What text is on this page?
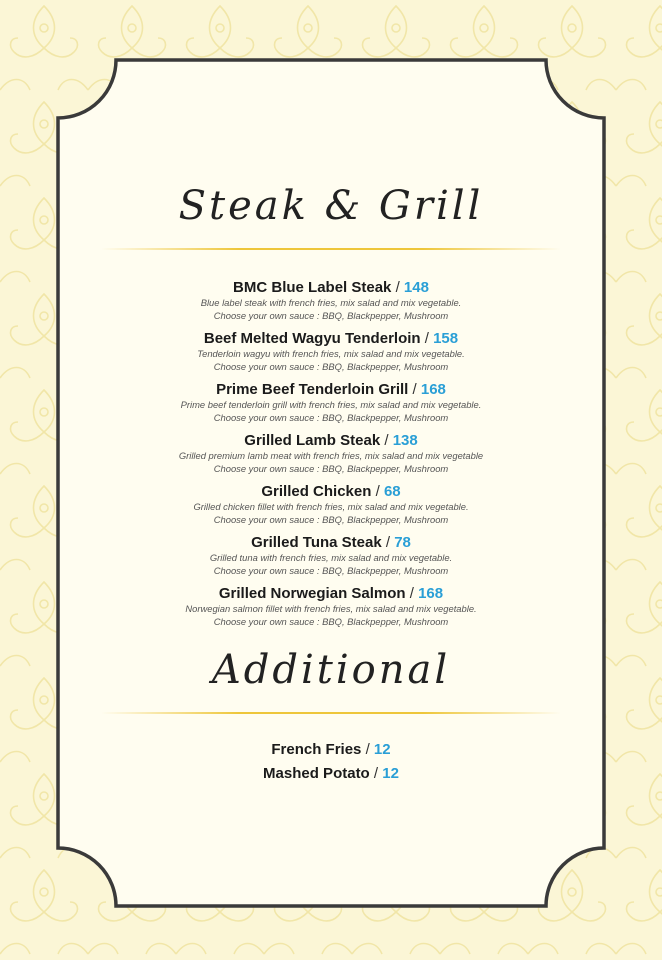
Steak & Grill
BMC Blue Label Steak / 148
Blue label steak with french fries, mix salad and mix vegetable.
Choose your own sauce : BBQ, Blackpepper, Mushroom
Beef Melted Wagyu Tenderloin / 158
Tenderloin wagyu with french fries, mix salad and mix vegetable.
Choose your own sauce : BBQ, Blackpepper, Mushroom
Prime Beef Tenderloin Grill / 168
Prime beef tenderloin grill with french fries, mix salad and mix vegetable.
Choose your own sauce : BBQ, Blackpepper, Mushroom
Grilled Lamb Steak / 138
Grilled premium lamb meat with french fries, mix salad and mix vegetable
Choose your own sauce : BBQ, Blackpepper, Mushroom
Grilled Chicken / 68
Grilled chicken fillet with french fries, mix salad and mix vegetable.
Choose your own sauce : BBQ, Blackpepper, Mushroom
Grilled Tuna Steak / 78
Grilled tuna with french fries, mix salad and mix vegetable.
Choose your own sauce : BBQ, Blackpepper, Mushroom
Grilled Norwegian Salmon / 168
Norwegian salmon fillet with french fries, mix salad and mix vegetable.
Choose your own sauce : BBQ, Blackpepper, Mushroom
Additional
French Fries / 12
Mashed Potato / 12
